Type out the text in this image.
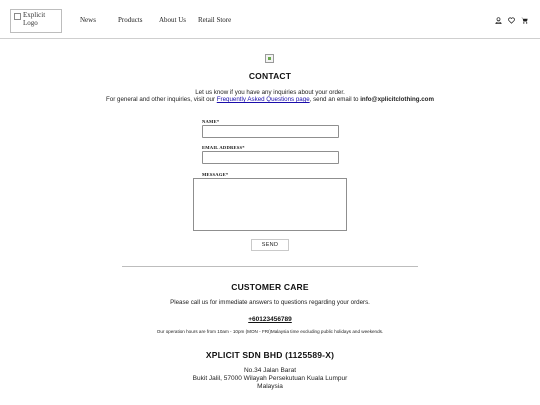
Explicit Logo	News	Products About Us Retail Store
CONTACT
Let us know if you have any inquiries about your order.
For general and other inquiries, visit our Frequently Asked Questions page, send an email to info@xplicitclothing.com
NAME*
EMAIL ADDRESS*
MESSAGE*
SEND
CUSTOMER CARE
Please call us for immediate answers to questions regarding your orders.
+60123456789
Our operation hours are from 10am - 10pm (MON - FRI)Malaysia time excluding public holidays and weekends.
XPLICIT SDN BHD (1125589-X)
No.34 Jalan Barat
Bukit Jalil, 57000 Wilayah Persekutuan Kuala Lumpur
Malaysia
